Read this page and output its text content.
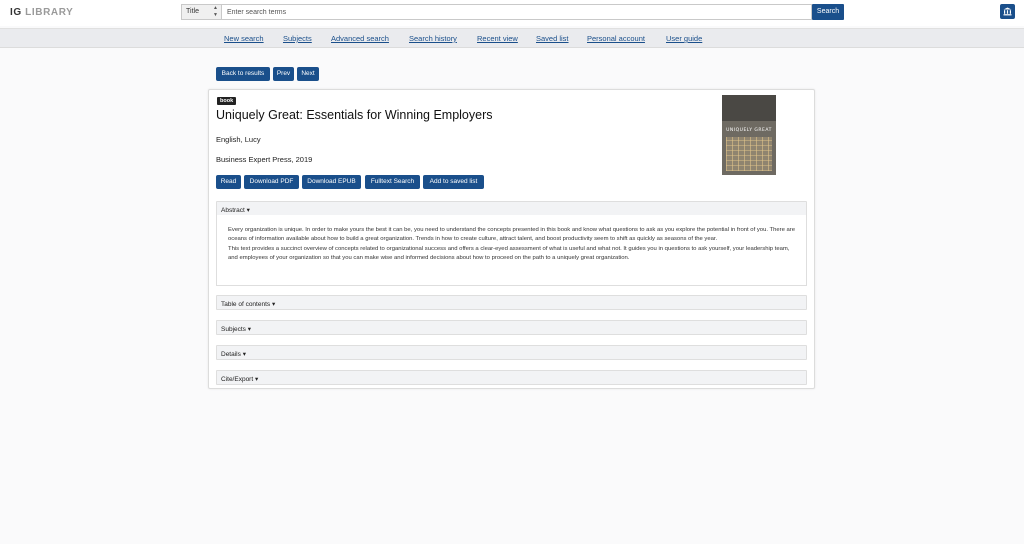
IG LIBRARY	Title	▲
▼
Enter search terms	Search
New search	Subjects	Advanced search	Search history	Recent view Saved list Personal account	User guide
Back to results	Prev	Next
book
Uniquely Great: Essentials for Winning Employers
English, Lucy
Business Expert Press, 2019
UNIQUELY GREAT
Read	Download PDF	Download EPUB	Fulltext Search	Add to saved list
Abstract ▾

Every organization is unique. In order to make yours the best it can be, you need to understand the concepts presented in this book and know what questions to ask as you explore the potential in front of you. There are oceans of information available about how to build a great organization. Trends in how to create culture, attract talent, and boost productivity seem to shift as quickly as seasons of the year.

This text provides a succinct overview of concepts related to organizational success and offers a clear-eyed assessment of what is useful and what not. It guides you in questions to ask yourself, your leadership team, and employees of your organization so that you can make wise and informed decisions about how to proceed on the path to a uniquely great organization.

Table of contents ▾
Subjects ▾
Details ▾
Cite/Export ▾
